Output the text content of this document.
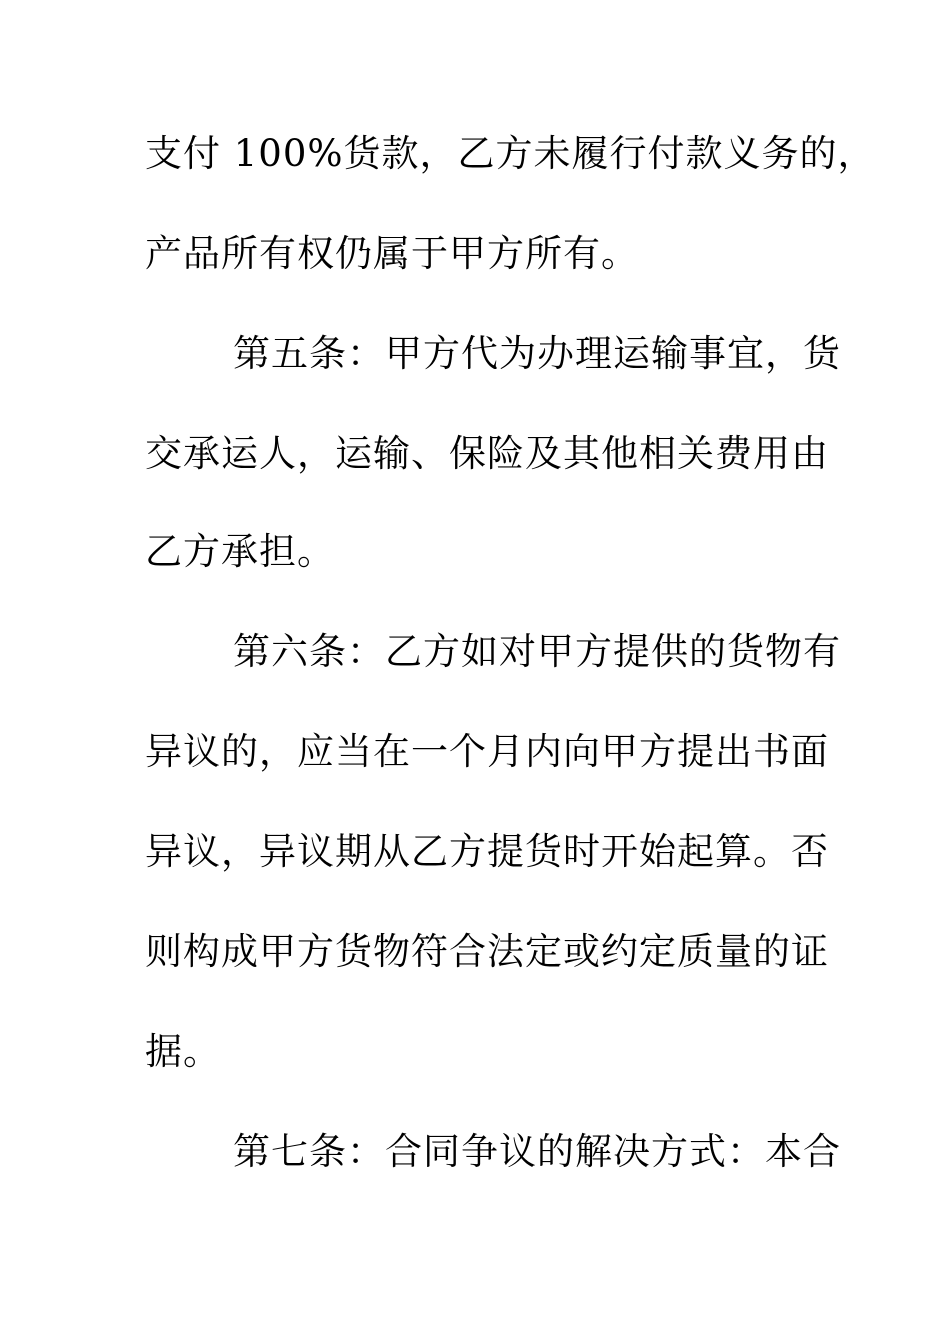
支付 100%货款，乙方未履行付款义务的，
产品所有权仍属于甲方所有。
第五条：甲方代为办理运输事宜，货
交承运人，运输、保险及其他相关费用由
乙方承担。
第六条：乙方如对甲方提供的货物有
异议的，应当在一个月内向甲方提出书面
异议，异议期从乙方提货时开始起算。否
则构成甲方货物符合法定或约定质量的证
据。
第七条：合同争议的解决方式：本合
